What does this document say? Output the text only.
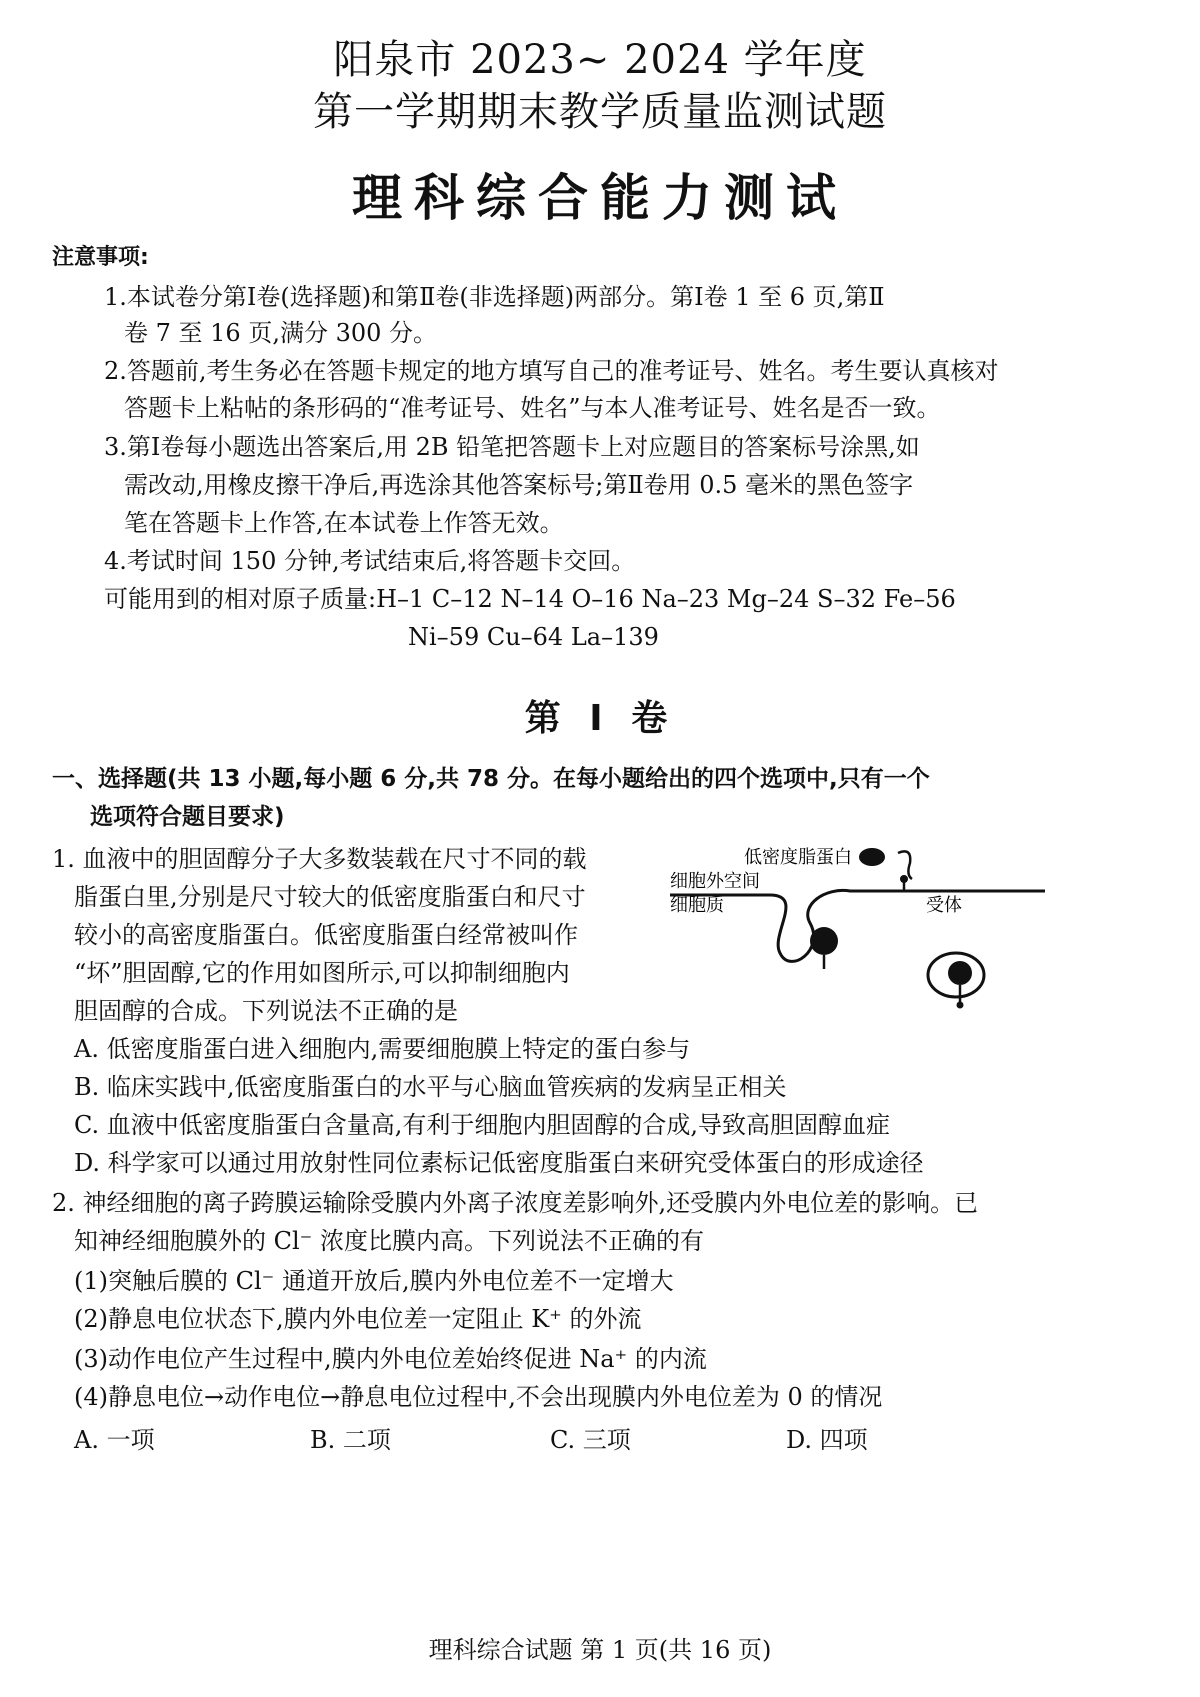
阳泉市 2023~ 2024 学年度
第一学期期末教学质量监测试题
理科综合能力测试
注意事项:
1.本试卷分第Ⅰ卷(选择题)和第Ⅱ卷(非选择题)两部分。第Ⅰ卷 1 至 6 页,第Ⅱ
卷 7 至 16 页,满分 300 分。
2.答题前,考生务必在答题卡规定的地方填写自己的准考证号、姓名。考生要认真核对
答题卡上粘帖的条形码的“准考证号、姓名”与本人准考证号、姓名是否一致。
3.第Ⅰ卷每小题选出答案后,用 2B 铅笔把答题卡上对应题目的答案标号涂黑,如
需改动,用橡皮擦干净后,再选涂其他答案标号;第Ⅱ卷用 0.5 毫米的黑色签字
笔在答题卡上作答,在本试卷上作答无效。
4.考试时间 150 分钟,考试结束后,将答题卡交回。
可能用到的相对原子质量:H–1 C–12 N–14 O–16 Na–23 Mg–24 S–32 Fe–56
Ni–59 Cu–64 La–139
第 Ⅰ 卷
一、选择题(共 13 小题,每小题 6 分,共 78 分。在每小题给出的四个选项中,只有一个
选项符合题目要求)
1. 血液中的胆固醇分子大多数装载在尺寸不同的载
脂蛋白里,分别是尺寸较大的低密度脂蛋白和尺寸
较小的高密度脂蛋白。低密度脂蛋白经常被叫作
“坏”胆固醇,它的作用如图所示,可以抑制细胞内
胆固醇的合成。下列说法不正确的是
低密度脂蛋白
细胞外空间
细胞质	受体
A. 低密度脂蛋白进入细胞内,需要细胞膜上特定的蛋白参与
B. 临床实践中,低密度脂蛋白的水平与心脑血管疾病的发病呈正相关
C. 血液中低密度脂蛋白含量高,有利于细胞内胆固醇的合成,导致高胆固醇血症
D. 科学家可以通过用放射性同位素标记低密度脂蛋白来研究受体蛋白的形成途径
2. 神经细胞的离子跨膜运输除受膜内外离子浓度差影响外,还受膜内外电位差的影响。已
知神经细胞膜外的 Cl⁻ 浓度比膜内高。下列说法不正确的有
(1)突触后膜的 Cl⁻ 通道开放后,膜内外电位差不一定增大
(2)静息电位状态下,膜内外电位差一定阻止 K⁺ 的外流
(3)动作电位产生过程中,膜内外电位差始终促进 Na⁺ 的内流
(4)静息电位→动作电位→静息电位过程中,不会出现膜内外电位差为 0 的情况
A. 一项	B. 二项	C. 三项	D. 四项
理科综合试题 第 1 页(共 16 页)
